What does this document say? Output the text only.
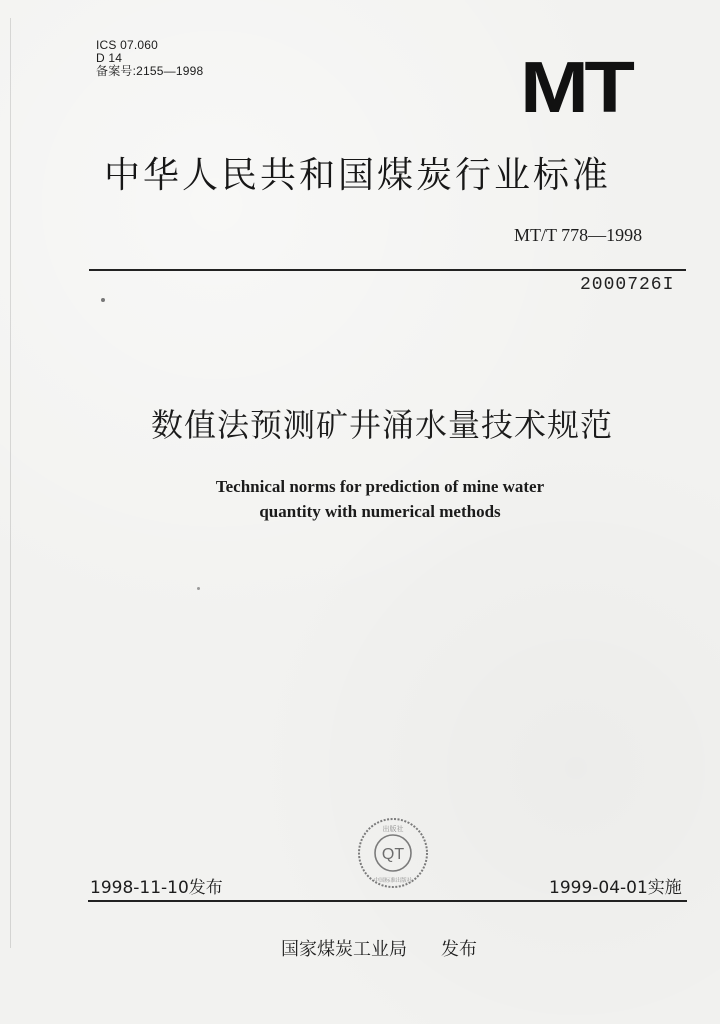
ICS 07.060
D 14
备案号:2155—1998	MT
中华人民共和国煤炭行业标准
MT/T 778—1998
2000726I
数值法预测矿井涌水量技术规范
Technical norms for prediction of mine water
quantity with numerical methods
QT
出版社
中国标准出版社
1998-11-10发布	1999-04-01实施
国家煤炭工业局 发布
